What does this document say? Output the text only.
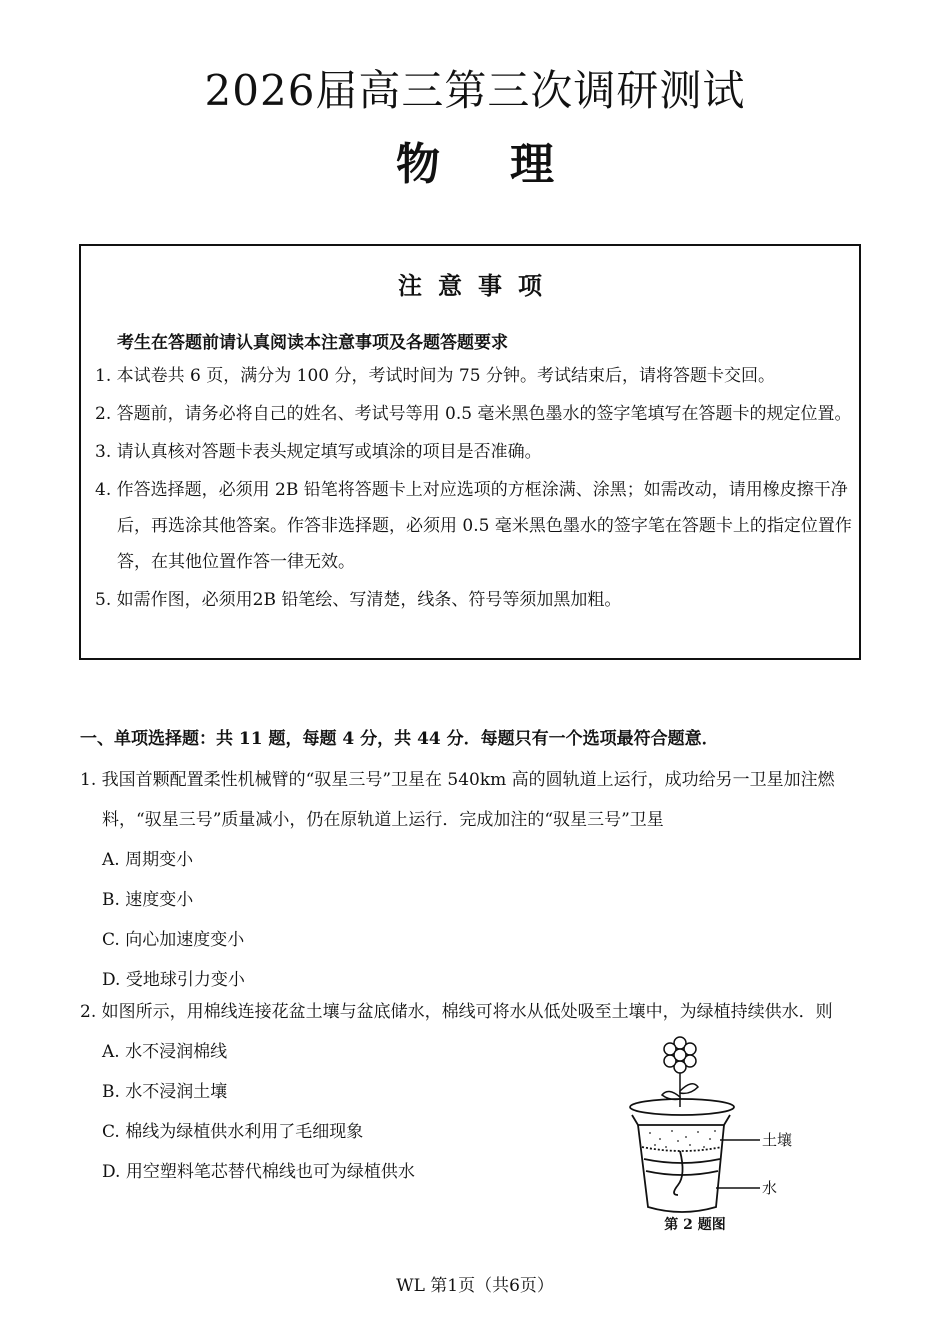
2026届高三第三次调研测试
物理
注意事项
考生在答题前请认真阅读本注意事项及各题答题要求
1. 本试卷共 6 页，满分为 100 分，考试时间为 75 分钟。考试结束后，请将答题卡交回。
2. 答题前，请务必将自己的姓名、考试号等用 0.5 毫米黑色墨水的签字笔填写在答题卡的规定位置。
3. 请认真核对答题卡表头规定填写或填涂的项目是否准确。
4. 作答选择题，必须用 2B 铅笔将答题卡上对应选项的方框涂满、涂黑；如需改动，请用橡皮擦干净后，再选涂其他答案。作答非选择题，必须用 0.5 毫米黑色墨水的签字笔在答题卡上的指定位置作答，在其他位置作答一律无效。
5. 如需作图，必须用2B 铅笔绘、写清楚，线条、符号等须加黑加粗。
一、单项选择题：共 11 题，每题 4 分，共 44 分．每题只有一个选项最符合题意．
1. 我国首颗配置柔性机械臂的“驭星三号”卫星在 540km 高的圆轨道上运行，成功给另一卫星加注燃料，“驭星三号”质量减小，仍在原轨道上运行．完成加注的“驭星三号”卫星
A. 周期变小
B. 速度变小
C. 向心加速度变小
D. 受地球引力变小
2. 如图所示，用棉线连接花盆土壤与盆底储水，棉线可将水从低处吸至土壤中，为绿植持续供水．则
A. 水不浸润棉线
B. 水不浸润土壤
C. 棉线为绿植供水利用了毛细现象
D. 用空塑料笔芯替代棉线也可为绿植供水
土壤
水
第 2 题图
WL 第1页（共6页）
